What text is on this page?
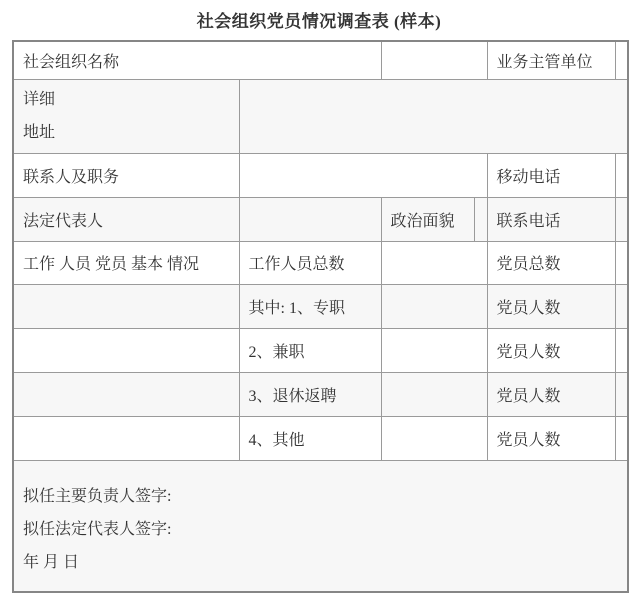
社会组织党员情况调查表 (样本)
社会组织名称				业务主管单位	

详细
地址					

联系人及职务				移动电话	
法定代表人		政治面貌		联系电话	
工作 人员 党员 基本 情况	工作人员总数			党员总数	
	其中: 1、专职			党员人数	
	2、兼职			党员人数	
	3、退休返聘			党员人数	
	4、其他			党员人数	

拟任主要负责人签字:
拟任法定代表人签字:
年 月 日					
